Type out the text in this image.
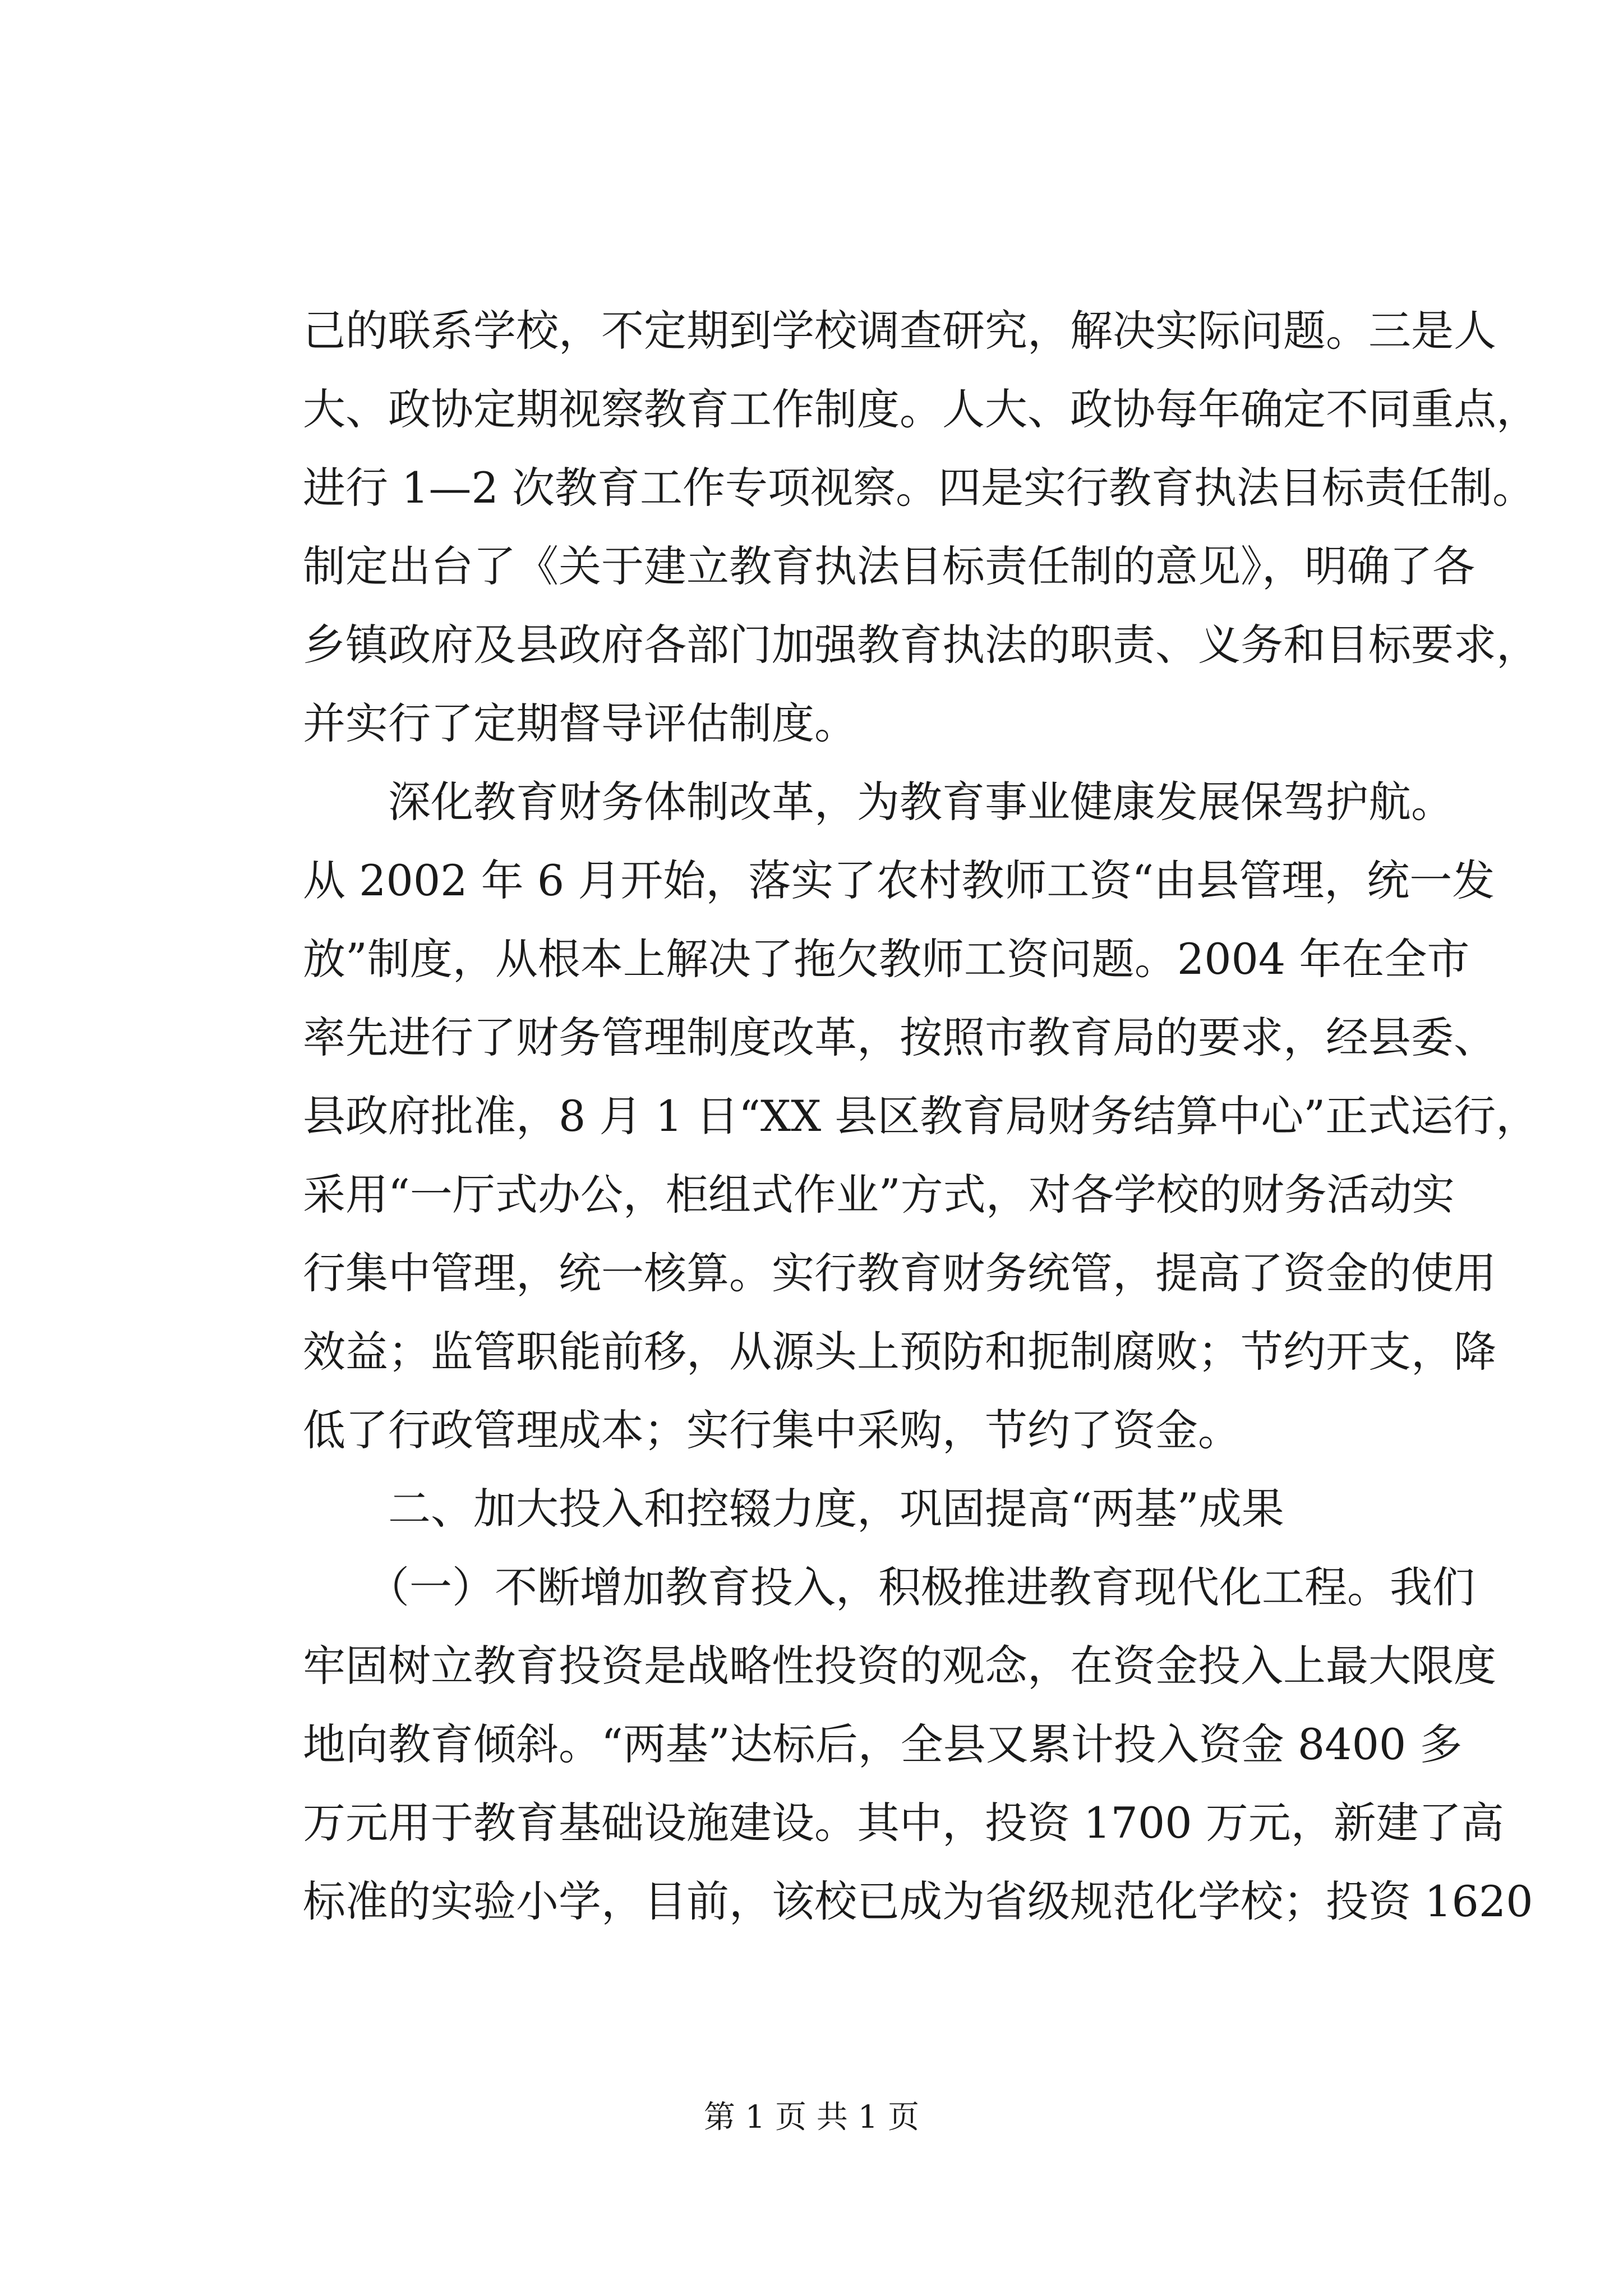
己的联系学校，不定期到学校调查研究，解决实际问题。三是人
大、政协定期视察教育工作制度。人大、政协每年确定不同重点，
进行 1—2 次教育工作专项视察。四是实行教育执法目标责任制。
制定出台了《关于建立教育执法目标责任制的意见》，明确了各
乡镇政府及县政府各部门加强教育执法的职责、义务和目标要求，
并实行了定期督导评估制度。
　　深化教育财务体制改革，为教育事业健康发展保驾护航。
从 2002 年 6 月开始，落实了农村教师工资“由县管理，统一发
放”制度，从根本上解决了拖欠教师工资问题。2004 年在全市
率先进行了财务管理制度改革，按照市教育局的要求，经县委、
县政府批准，8 月 1 日“XX 县区教育局财务结算中心”正式运行，
采用“一厅式办公，柜组式作业”方式，对各学校的财务活动实
行集中管理，统一核算。实行教育财务统管，提高了资金的使用
效益；监管职能前移，从源头上预防和扼制腐败；节约开支，降
低了行政管理成本；实行集中采购，节约了资金。
　　二、加大投入和控辍力度，巩固提高“两基”成果
　　（一）不断增加教育投入，积极推进教育现代化工程。我们
牢固树立教育投资是战略性投资的观念，在资金投入上最大限度
地向教育倾斜。“两基”达标后，全县又累计投入资金 8400 多
万元用于教育基础设施建设。其中，投资 1700 万元，新建了高
标准的实验小学，目前，该校已成为省级规范化学校；投资 1620
第 1 页 共 1 页
